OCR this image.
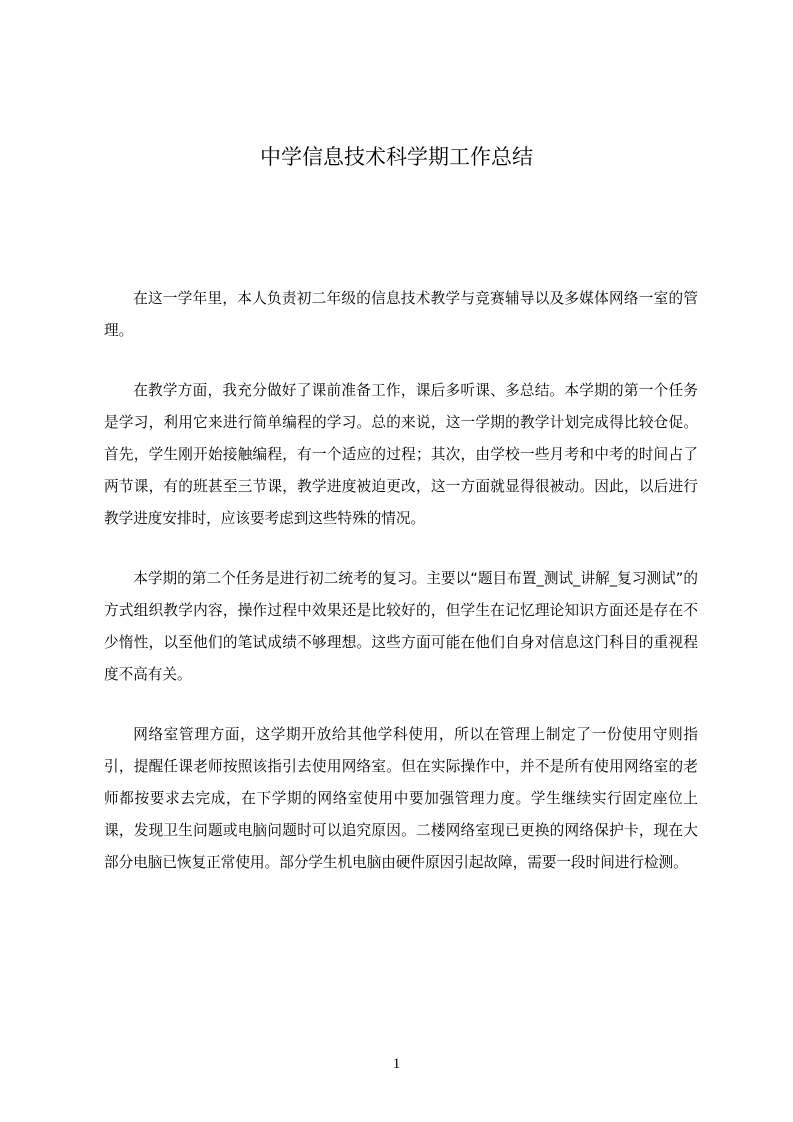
中学信息技术科学期工作总结

在这一学年里，本人负责初二年级的信息技术教学与竞赛辅导以及多媒体网络一室的管理。

在教学方面，我充分做好了课前准备工作，课后多听课、多总结。本学期的第一个任务是学习，利用它来进行简单编程的学习。总的来说，这一学期的教学计划完成得比较仓促。首先，学生刚开始接触编程，有一个适应的过程；其次，由学校一些月考和中考的时间占了两节课，有的班甚至三节课，教学进度被迫更改，这一方面就显得很被动。因此，以后进行教学进度安排时，应该要考虑到这些特殊的情况。

本学期的第二个任务是进行初二统考的复习。主要以“题目布置_测试_讲解_复习测试”的方式组织教学内容，操作过程中效果还是比较好的，但学生在记忆理论知识方面还是存在不少惰性，以至他们的笔试成绩不够理想。这些方面可能在他们自身对信息这门科目的重视程度不高有关。

网络室管理方面，这学期开放给其他学科使用，所以在管理上制定了一份使用守则指引，提醒任课老师按照该指引去使用网络室。但在实际操作中，并不是所有使用网络室的老师都按要求去完成，在下学期的网络室使用中要加强管理力度。学生继续实行固定座位上课，发现卫生问题或电脑问题时可以追究原因。二楼网络室现已更换的网络保护卡，现在大部分电脑已恢复正常使用。部分学生机电脑由硬件原因引起故障，需要一段时间进行检测。

1
